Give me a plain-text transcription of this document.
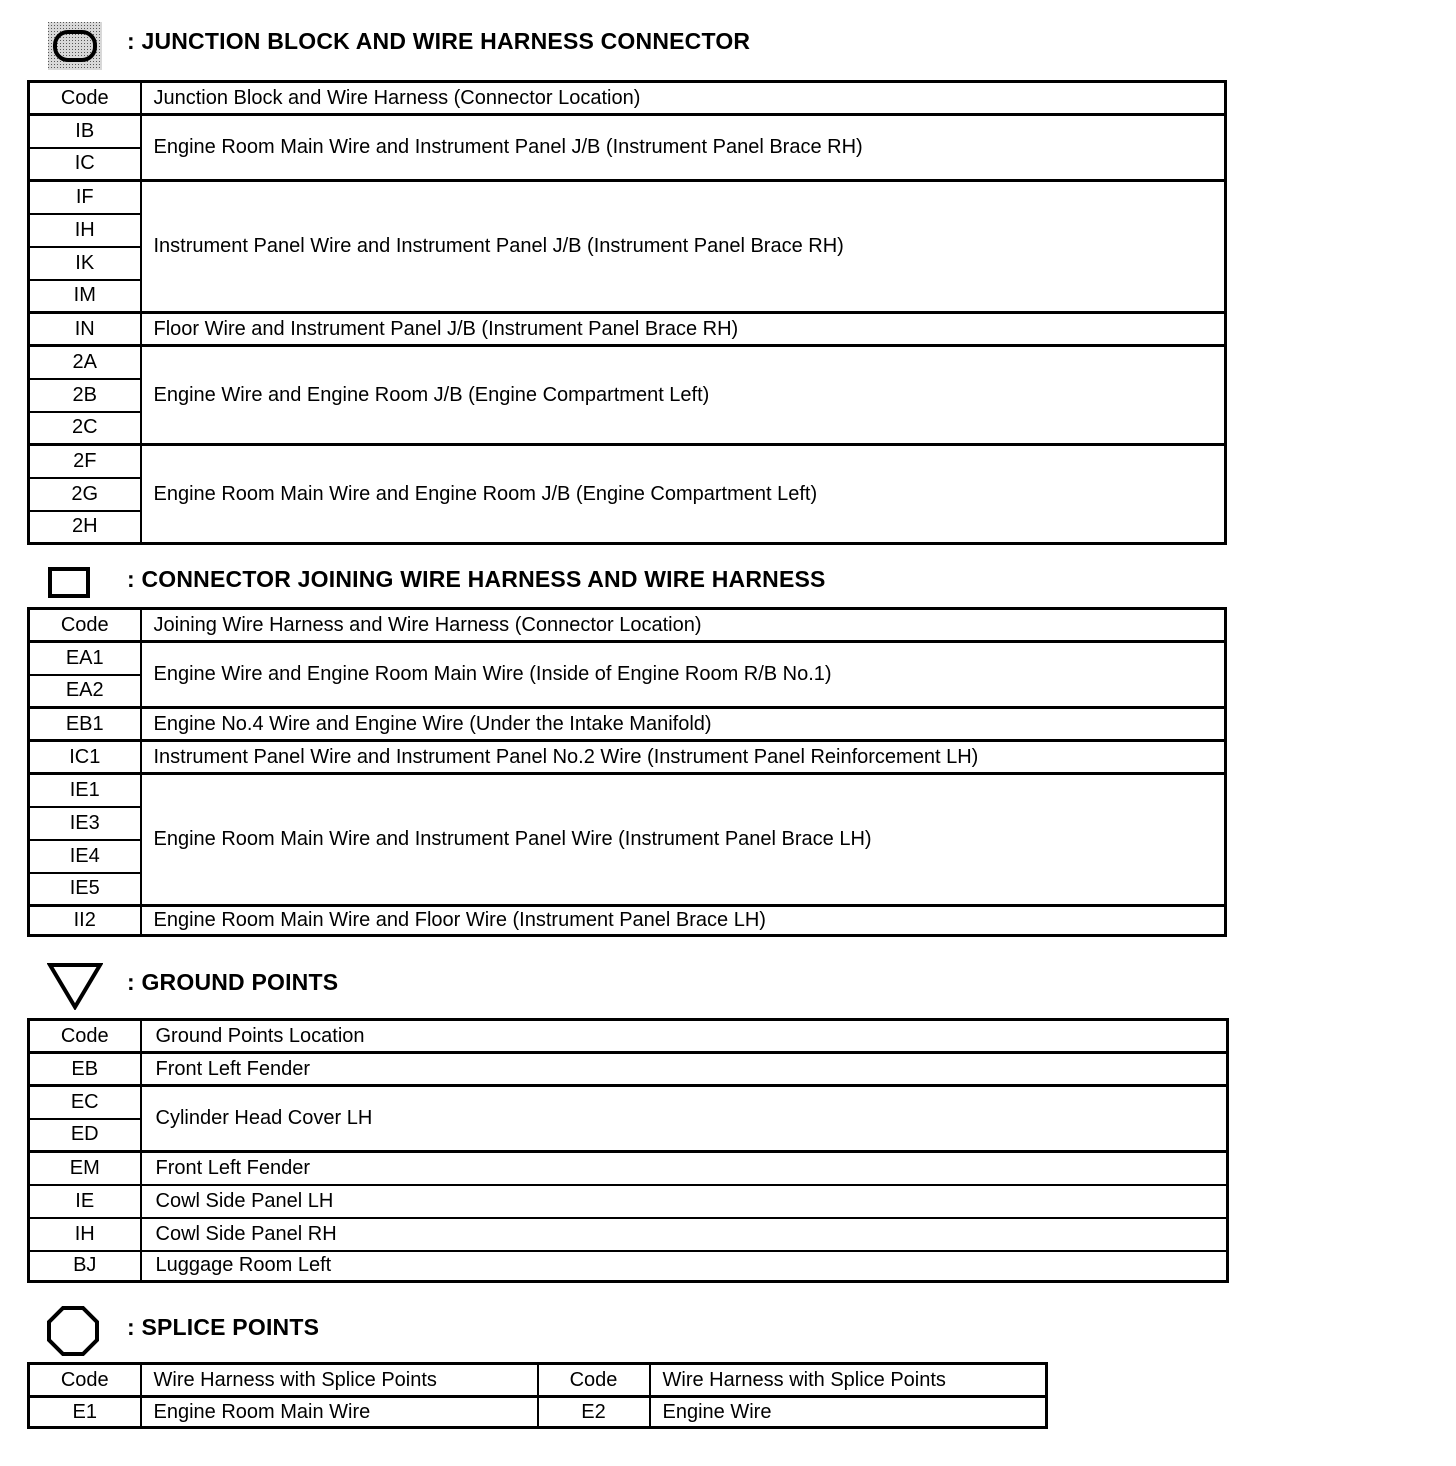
: JUNCTION BLOCK AND WIRE HARNESS CONNECTOR
Code	Junction Block and Wire Harness (Connector Location)
IB	Engine Room Main Wire and Instrument Panel J/B (Instrument Panel Brace RH)
IC	
IF	Instrument Panel Wire and Instrument Panel J/B (Instrument Panel Brace RH)
IH	
IK	
IM	
IN	Floor Wire and Instrument Panel J/B (Instrument Panel Brace RH)
2A	Engine Wire and Engine Room J/B (Engine Compartment Left)
2B	
2C	
2F	Engine Room Main Wire and Engine Room J/B (Engine Compartment Left)
2G	
2H	
: CONNECTOR JOINING WIRE HARNESS AND WIRE HARNESS
Code	Joining Wire Harness and Wire Harness (Connector Location)
EA1	Engine Wire and Engine Room Main Wire (Inside of Engine Room R/B No.1)
EA2	
EB1	Engine No.4 Wire and Engine Wire (Under the Intake Manifold)
IC1	Instrument Panel Wire and Instrument Panel No.2 Wire (Instrument Panel Reinforcement LH)
IE1	Engine Room Main Wire and Instrument Panel Wire (Instrument Panel Brace LH)
IE3	
IE4	
IE5	
II2	Engine Room Main Wire and Floor Wire (Instrument Panel Brace LH)
: GROUND POINTS
Code	Ground Points Location
EB	Front Left Fender
EC	Cylinder Head Cover LH
ED	
EM	Front Left Fender
IE	Cowl Side Panel LH
IH	Cowl Side Panel RH
BJ	Luggage Room Left
: SPLICE POINTS
Code	Wire Harness with Splice Points	Code	Wire Harness with Splice Points
E1	Engine Room Main Wire	E2	Engine Wire
